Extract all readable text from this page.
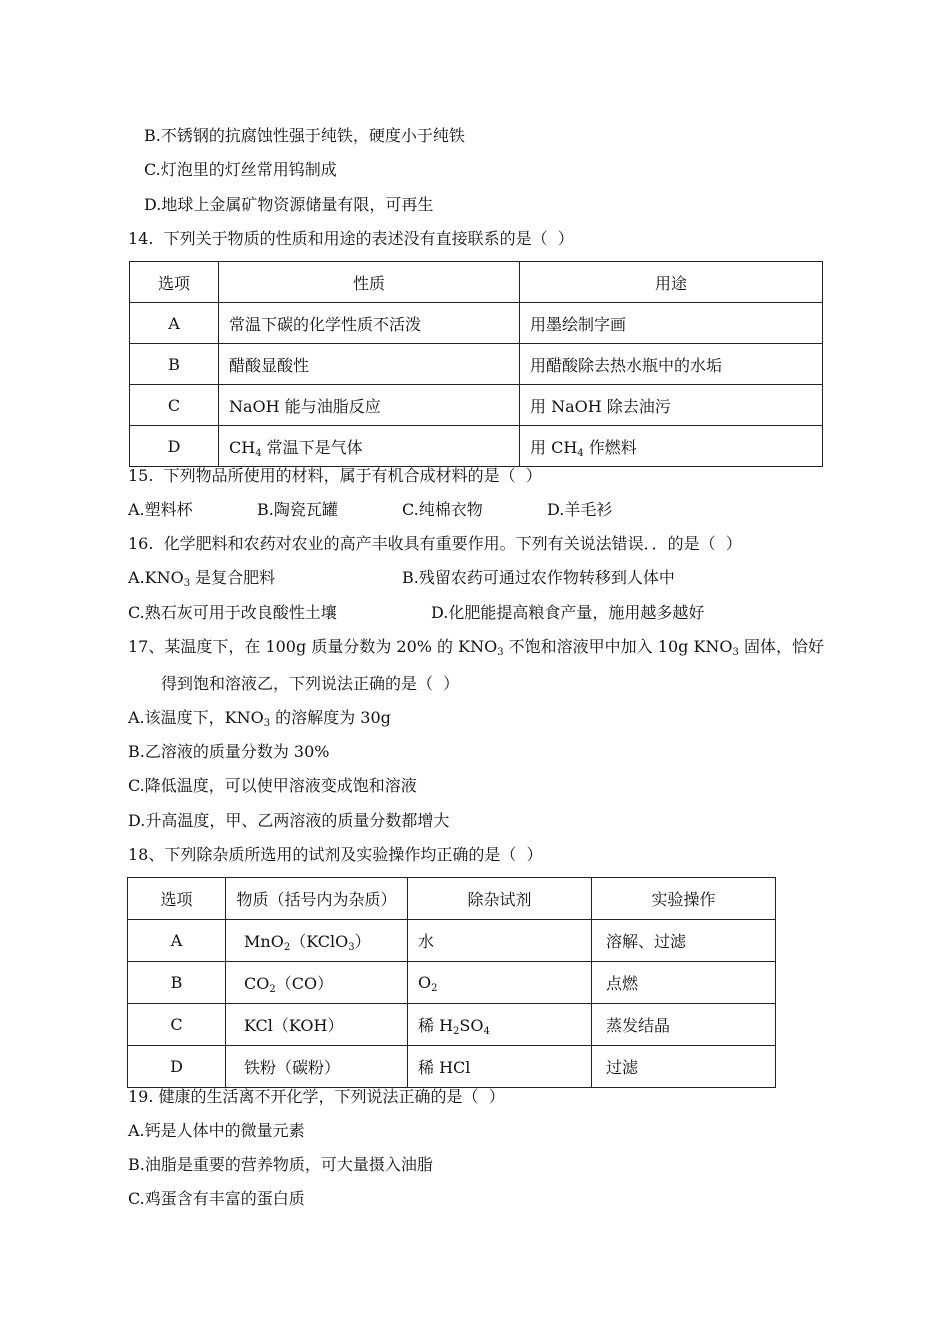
B.不锈钢的抗腐蚀性强于纯铁，硬度小于纯铁
C.灯泡里的灯丝常用钨制成
D.地球上金属矿物资源储量有限，可再生
14.  下列关于物质的性质和用途的表述没有直接联系的是（  ）
选项	性质	用途
A	常温下碳的化学性质不活泼	用墨绘制字画
B	醋酸显酸性	用醋酸除去热水瓶中的水垢
C	NaOH 能与油脂反应	用 NaOH 除去油污
D	$CH_4$ 常温下是气体	用 $CH_4$ 作燃料
15.  下列物品所使用的材料，属于有机合成材料的是（  ）
A.塑料杯	B.陶瓷瓦罐	C.纯棉衣物	D.羊毛衫
16.  化学肥料和农药对农业的高产丰收具有重要作用。下列有关说法错误．．的是（  ）
$A.KNO_3$ 是复合肥料	B.残留农药可通过农作物转移到人体中
C.熟石灰可用于改良酸性土壤	D.化肥能提高粮食产量，施用越多越好
17、某温度下，在 100g 质量分数为 20% 的 $KNO_3$ 不饱和溶液甲中加入 10g $KNO_3$ 固体，恰好
得到饱和溶液乙，下列说法正确的是（  ）
A.该温度下，$KNO_3$ 的溶解度为 30g
B.乙溶液的质量分数为 30%
C.降低温度，可以使甲溶液变成饱和溶液
D.升高温度，甲、乙两溶液的质量分数都增大
18、下列除杂质所选用的试剂及实验操作均正确的是（  ）
选项	物质（括号内为杂质）	除杂试剂	实验操作
A	MnO$_2$（KClO$_3$）	水	溶解、过滤
B	$CO_2(CO)$	$O_2$	点燃
C	KCl（KOH）	稀 $H_2SO_4$	蒸发结晶
D	铁粉（碳粉）	稀 HCl	过滤
19. 健康的生活离不开化学，下列说法正确的是（  ）
A.钙是人体中的微量元素
B.油脂是重要的营养物质，可大量摄入油脂
C.鸡蛋含有丰富的蛋白质
